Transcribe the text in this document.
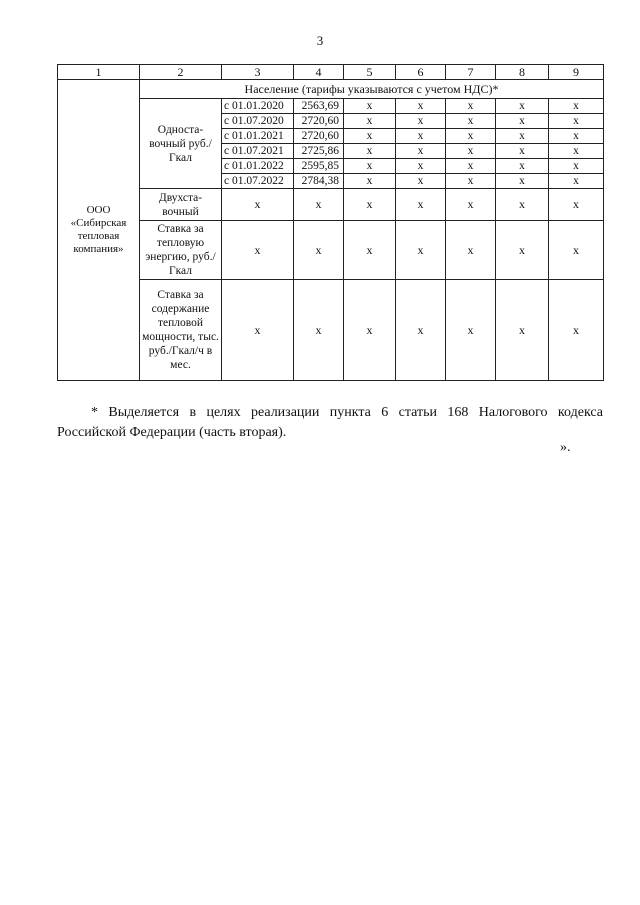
3
1	2	3	4	5	6	7	8	9
ООО «Сибирская тепловая компания»	Население (тарифы указываются с учетом НДС)*							
	Односта-вочный руб./Гкал	с 01.01.2020	2563,69	х	х	х	х	х
		с 01.07.2020	2720,60	х	х	х	х	х
		с 01.01.2021	2720,60	х	х	х	х	х
		с 01.07.2021	2725,86	х	х	х	х	х
		с 01.01.2022	2595,85	х	х	х	х	х
		с 01.07.2022	2784,38	х	х	х	х	х
	Двухста-вочный	х	х	х	х	х	х	х
	Ставка за тепловую энергию, руб./Гкал	х	х	х	х	х	х	х
	Ставка за содержание тепловой мощности, тыс. руб./Гкал/ч в мес.	х	х	х	х	х	х	х
* Выделяется в целях реализации пункта 6 статьи 168 Налогового кодекса Российской Федерации (часть вторая).
».
